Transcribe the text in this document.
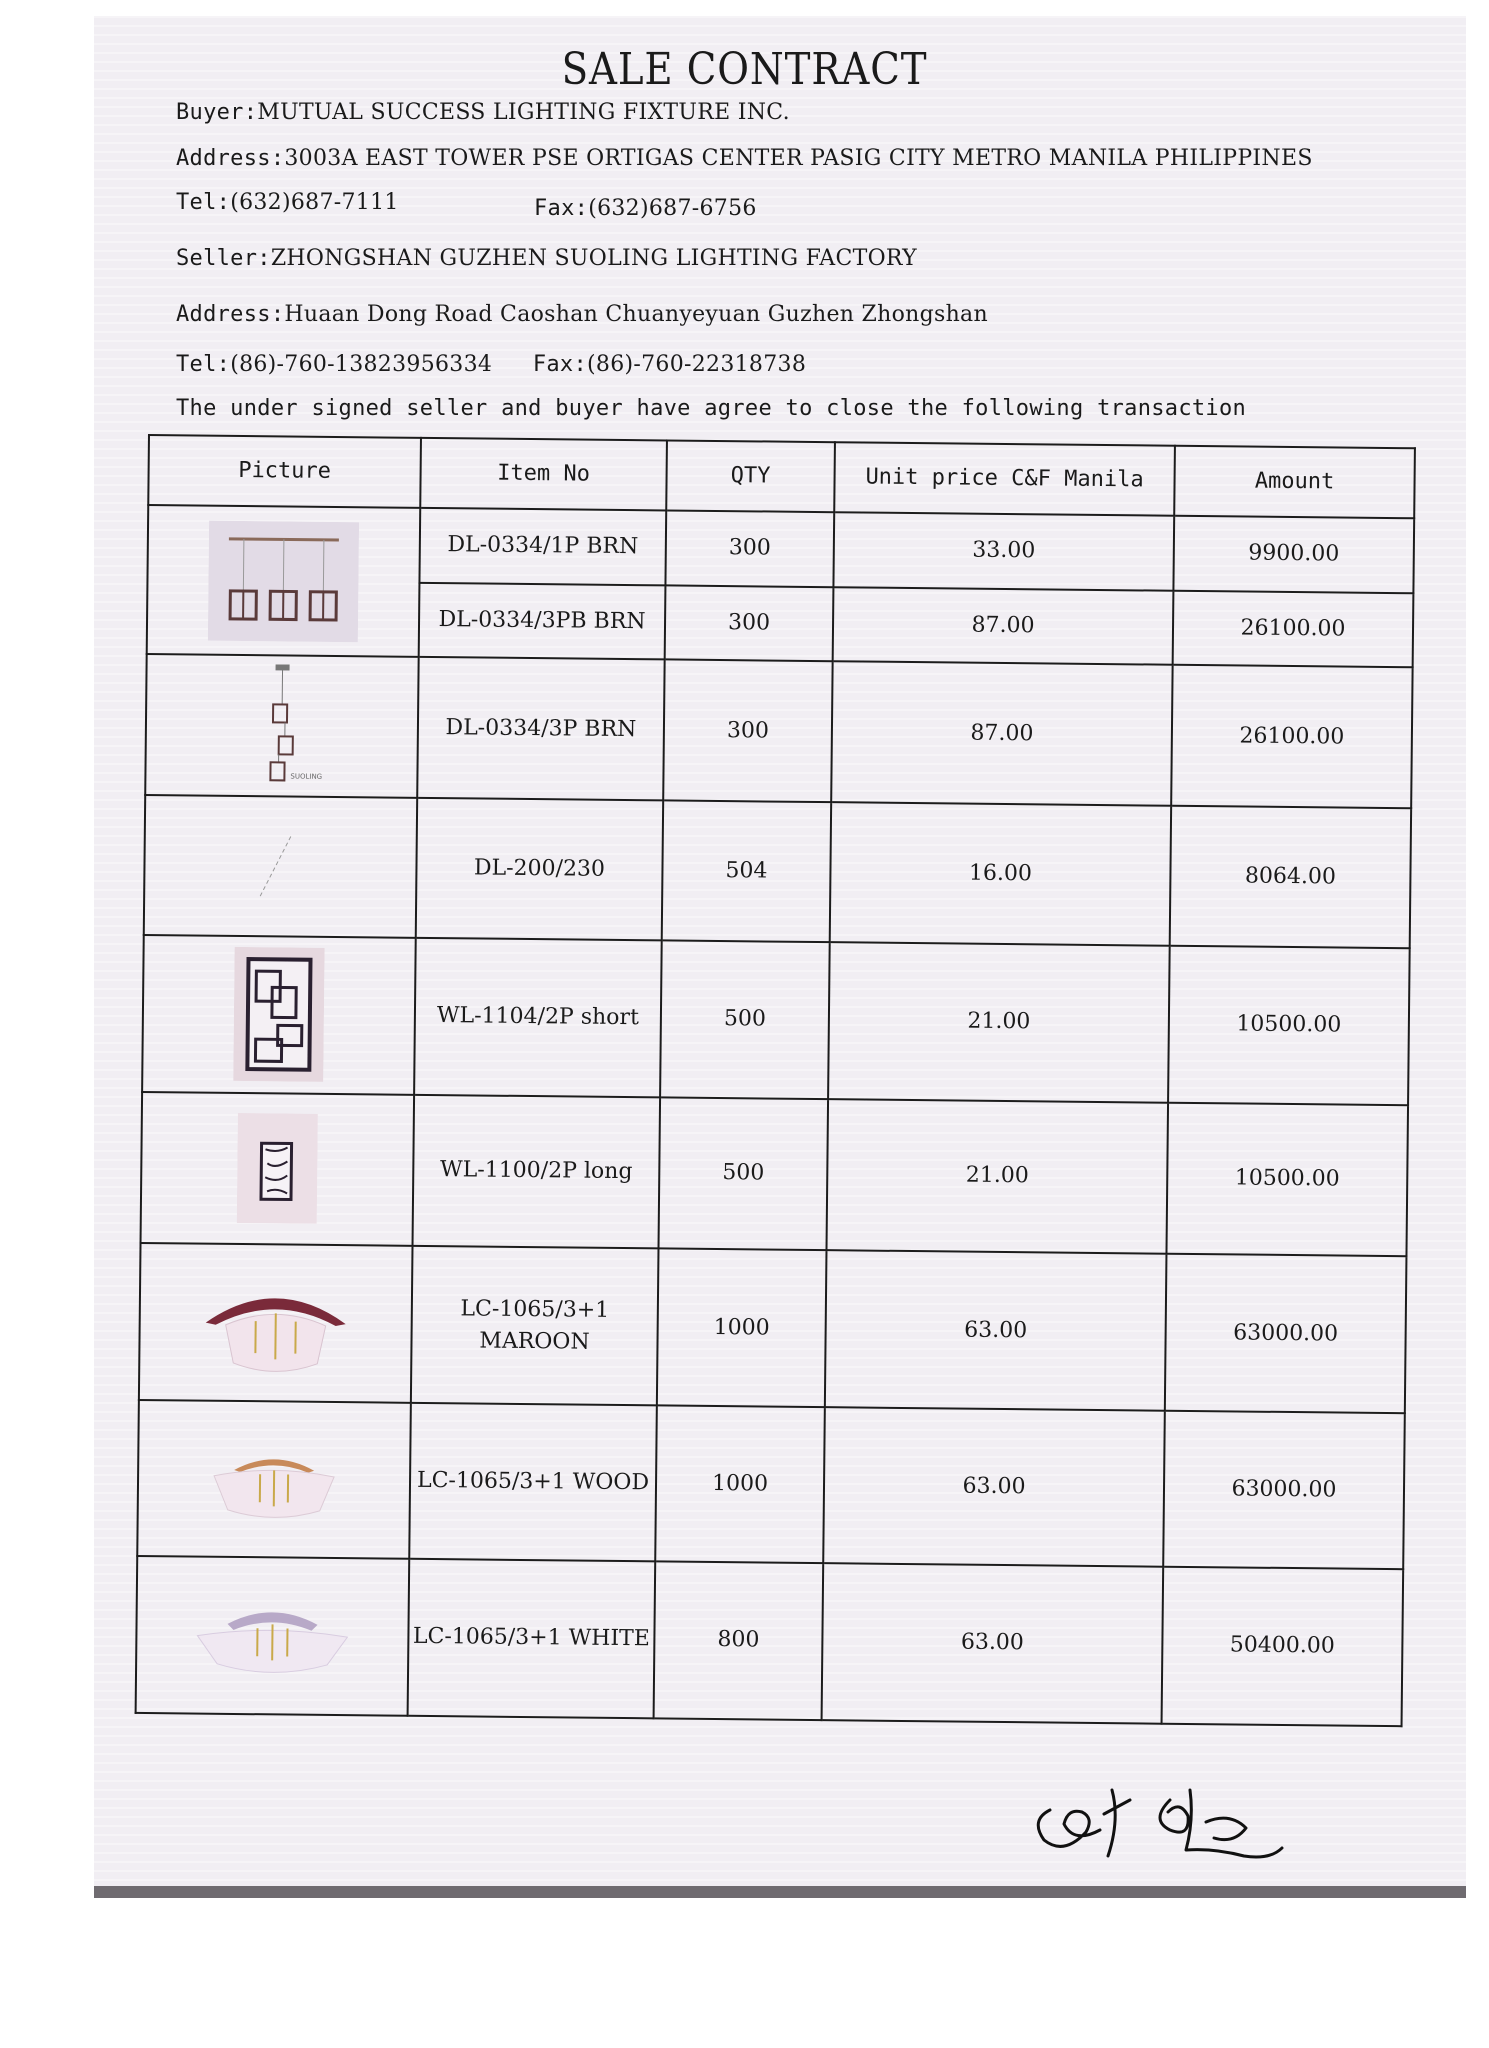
SALE CONTRACT
Buyer:MUTUAL SUCCESS LIGHTING FIXTURE INC.
Address:3003A EAST TOWER PSE ORTIGAS CENTER PASIG CITY METRO MANILA PHILIPPINES
Tel:(632)687-7111	Fax:(632)687-6756
Seller:ZHONGSHAN GUZHEN SUOLING LIGHTING FACTORY
Address:Huaan Dong Road Caoshan Chuanyeyuan Guzhen Zhongshan
Tel:(86)-760-13823956334 Fax:(86)-760-22318738
The under signed seller and buyer have agree to close the following transaction
Picture	Item No	QTY	Unit price C&F Manila	Amount

	DL-0334/1P BRN	300	33.00	9900.00
	DL-0334/3PB BRN	300	87.00	26100.00

SUOLING	DL-0334/3P BRN	300	87.00	26100.00

	DL-200/230	504	16.00	8064.00

	WL-1104/2P short	500	21.00	10500.00

	WL-1100/2P long	500	21.00	10500.00

	LC-1065/3+1 MAROON	1000	63.00	63000.00

	LC-1065/3+1 WOOD	1000	63.00	63000.00

	LC-1065/3+1 WHITE	800	63.00	50400.00
